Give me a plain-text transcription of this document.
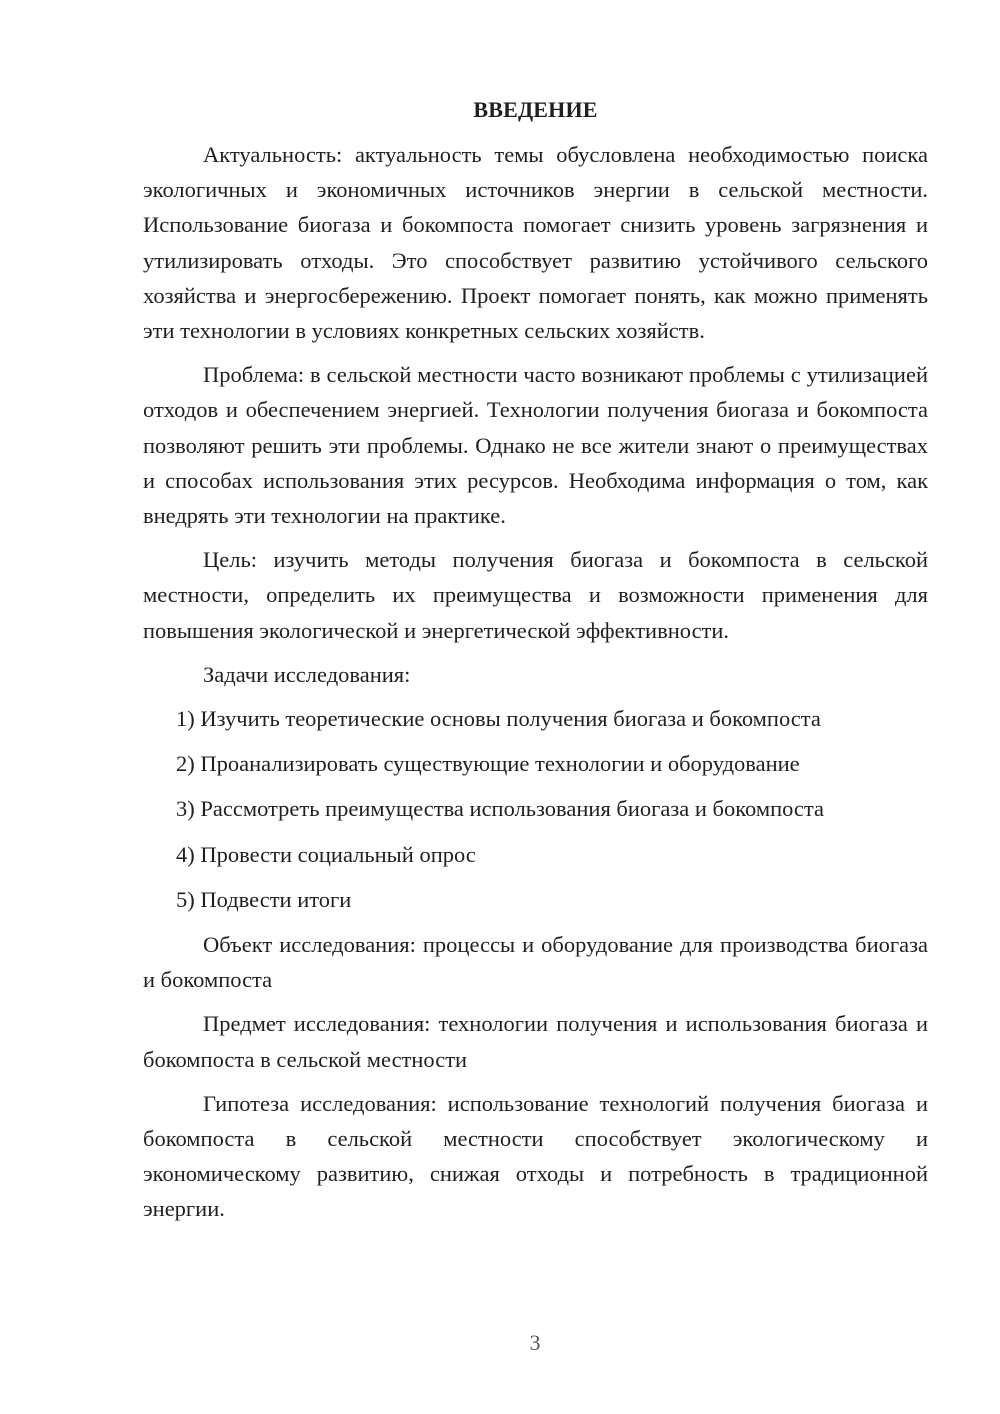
ВВЕДЕНИЕ

Актуальность: актуальность темы обусловлена необходимостью поиска экологичных и экономичных источников энергии в сельской местности. Использование биогаза и бокомпоста помогает снизить уровень загрязнения и утилизировать отходы. Это способствует развитию устойчивого сельского хозяйства и энергосбережению. Проект помогает понять, как можно применять эти технологии в условиях конкретных сельских хозяйств.

Проблема: в сельской местности часто возникают проблемы с утилизацией отходов и обеспечением энергией. Технологии получения биогаза и бокомпоста позволяют решить эти проблемы. Однако не все жители знают о преимуществах и способах использования этих ресурсов. Необходима информация о том, как внедрять эти технологии на практике.

Цель: изучить методы получения биогаза и бокомпоста в сельской местности, определить их преимущества и возможности применения для повышения экологической и энергетической эффективности.

Задачи исследования:

1) Изучить теоретические основы получения биогаза и бокомпоста
2) Проанализировать существующие технологии и оборудование
3) Рассмотреть преимущества использования биогаза и бокомпоста
4) Провести социальный опрос
5) Подвести итоги

Объект исследования: процессы и оборудование для производства биогаза и бокомпоста

Предмет исследования: технологии получения и использования биогаза и бокомпоста в сельской местности

Гипотеза исследования: использование технологий получения биогаза и бокомпоста в сельской местности способствует экологическому и экономическому развитию, снижая отходы и потребность в традиционной энергии.

3
